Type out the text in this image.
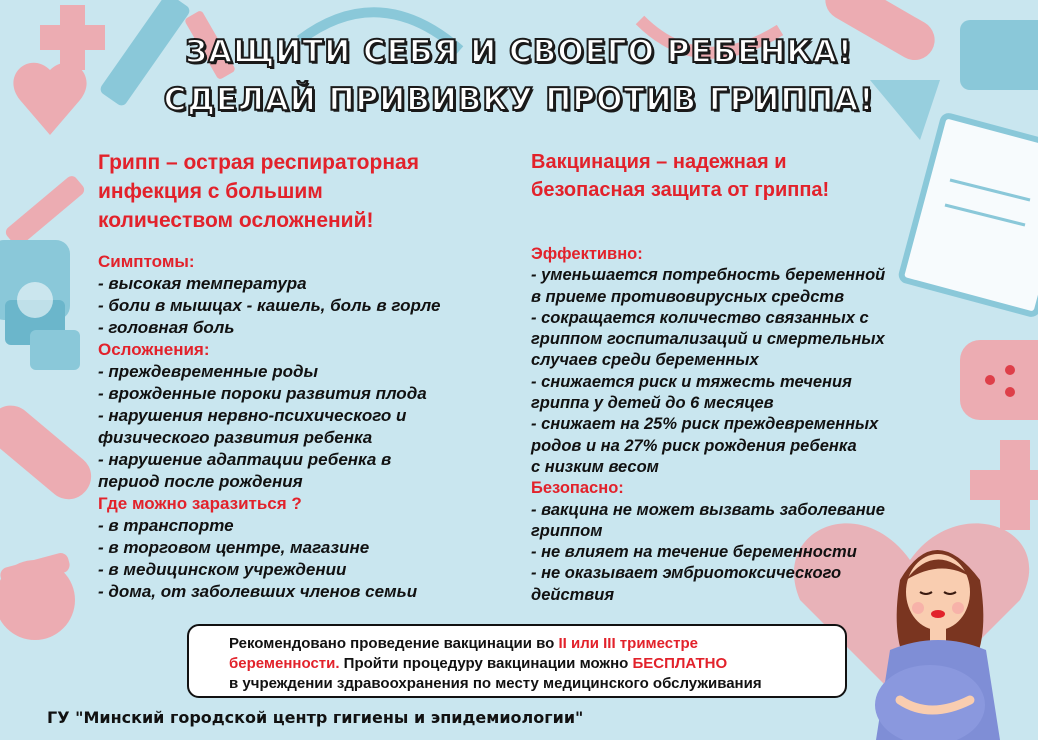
ЗАЩИТИ СЕБЯ И СВОЕГО РЕБЕНКА!
СДЕЛАЙ ПРИВИВКУ ПРОТИВ ГРИППА!
Грипп – острая респираторная
инфекция с большим
количеством осложнений!
Симптомы:
- высокая температура
- боли в мышцах - кашель, боль в горле
- головная боль
Осложнения:
- преждевременные роды
- врожденные пороки развития плода
- нарушения нервно-психического и
физического развития ребенка
- нарушение адаптации ребенка в
период после рождения
Где можно заразиться ?
- в транспорте
- в торговом центре, магазине
- в медицинском учреждении
- дома, от заболевших членов семьи
Вакцинация – надежная и
безопасная защита от гриппа!
Эффективно:
- уменьшается потребность беременной
в приеме противовирусных средств
- сокращается количество связанных с
гриппом госпитализаций и смертельных
случаев среди беременных
- снижается риск и тяжесть течения
гриппа у детей до 6 месяцев
- снижает на 25% риск преждевременных
родов и на 27% риск рождения ребенка
с низким весом
Безопасно:
- вакцина не может вызвать заболевание
гриппом
- не влияет на течение беременности
- не оказывает эмбриотоксического
действия
Рекомендовано проведение вакцинации во II или III триместре
беременности. Пройти процедуру вакцинации можно БЕСПЛАТНО
в учреждении здравоохранения по месту медицинского обслуживания
ГУ "Минский городской центр гигиены и эпидемиологии"
